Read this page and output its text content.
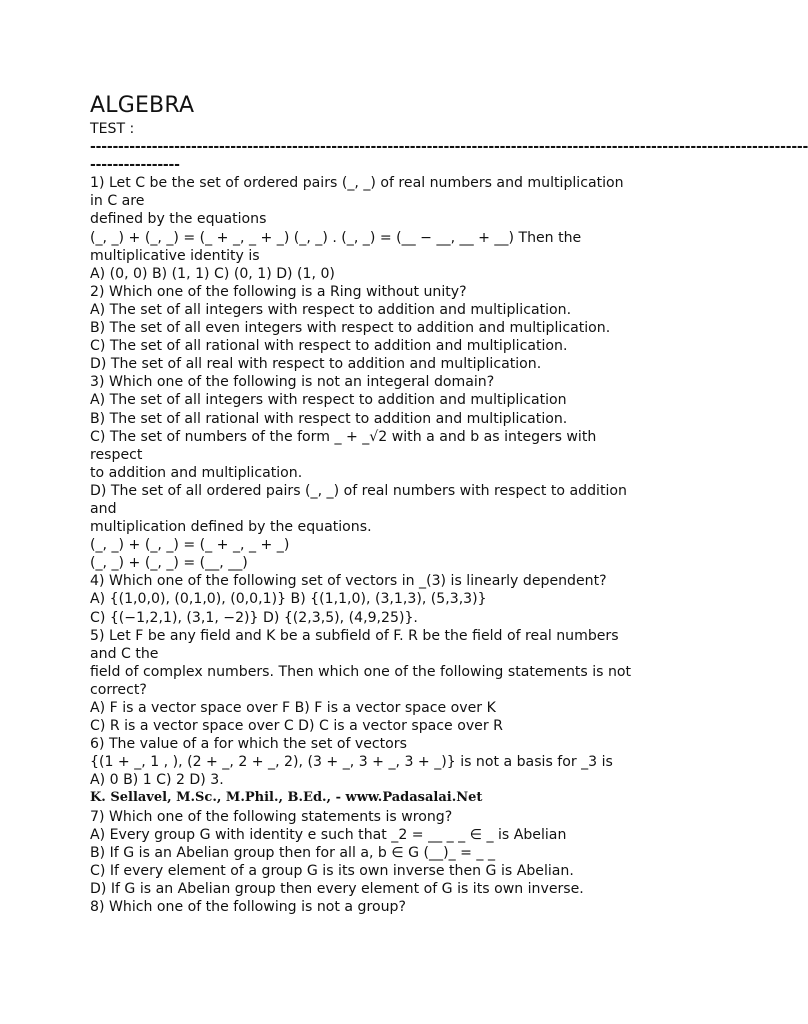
ALGEBRA
TEST :
--------------------------------------------------------------------------------------------------------------------------------
----------------
1) Let C be the set of ordered pairs (_, _) of real numbers and multiplication
in C are
defined by the equations
(_, _) + (_, _) = (_ + _, _ + _) (_, _) . (_, _) = (__ − __, __ + __) Then the
multiplicative identity is
A) (0, 0) B) (1, 1) C) (0, 1) D) (1, 0)
2) Which one of the following is a Ring without unity?
A) The set of all integers with respect to addition and multiplication.
B) The set of all even integers with respect to addition and multiplication.
C) The set of all rational with respect to addition and multiplication.
D) The set of all real with respect to addition and multiplication.
3) Which one of the following is not an integeral domain?
A) The set of all integers with respect to addition and multiplication
B) The set of all rational with respect to addition and multiplication.
C) The set of numbers of the form _ + _√2 with a and b as integers with
respect
to addition and multiplication.
D) The set of all ordered pairs (_, _) of real numbers with respect to addition
and
multiplication defined by the equations.
(_, _) + (_, _) = (_ + _, _ + _)
(_, _) + (_, _) = (__, __)
4) Which one of the following set of vectors in _(3) is linearly dependent?
A) {(1,0,0), (0,1,0), (0,0,1)} B) {(1,1,0), (3,1,3), (5,3,3)}
C) {(−1,2,1), (3,1, −2)} D) {(2,3,5), (4,9,25)}.
5) Let F be any field and K be a subfield of F. R be the field of real numbers
and C the
field of complex numbers. Then which one of the following statements is not
correct?
A) F is a vector space over F B) F is a vector space over K
C) R is a vector space over C D) C is a vector space over R
6) The value of a for which the set of vectors
{(1 + _, 1 , ), (2 + _, 2 + _, 2), (3 + _, 3 + _, 3 + _)} is not a basis for _3 is
A) 0 B) 1 C) 2 D) 3.
K. Sellavel, M.Sc., M.Phil., B.Ed., - www.Padasalai.Net
7) Which one of the following statements is wrong?
A) Every group G with identity e such that _2 = __ _ _ ∈ _ is Abelian
B) If G is an Abelian group then for all a, b ∈ G (__)_ = _ _
C) If every element of a group G is its own inverse then G is Abelian.
D) If G is an Abelian group then every element of G is its own inverse.
8) Which one of the following is not a group?
